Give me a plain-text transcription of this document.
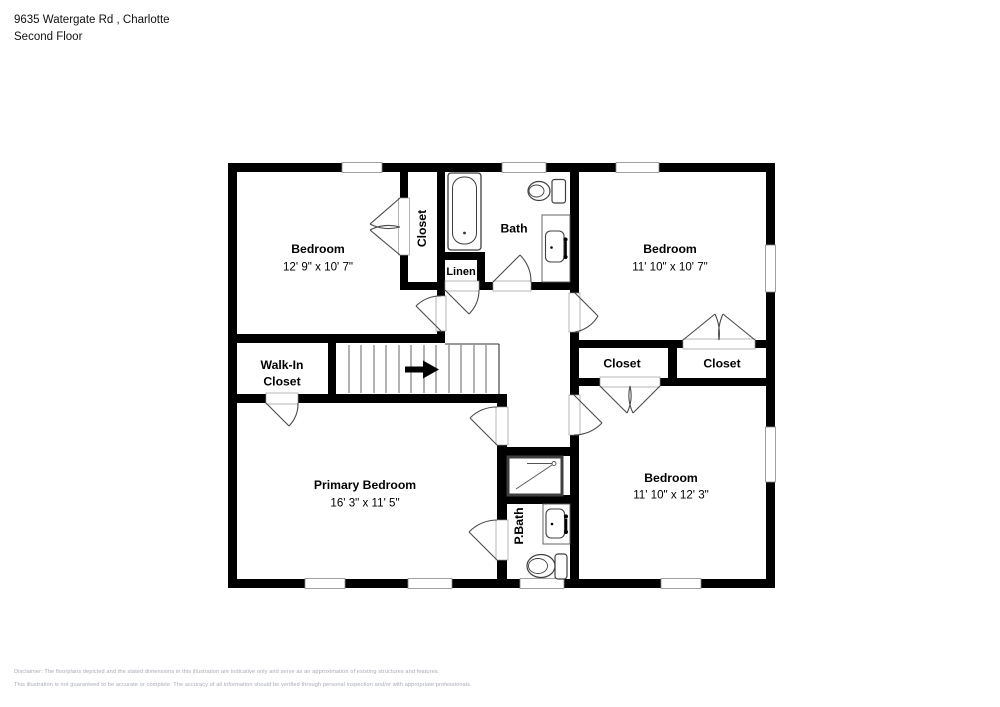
9635 Watergate Rd , Charlotte
Second Floor
Bedroom
12' 9" x 10' 7"
Bedroom
11' 10" x 10' 7"
Primary Bedroom
16' 3" x 11' 5"
Bedroom
11' 10" x 12' 3"
Walk-In
Closet
Closet	Closet
Linen
Bath
Closet
P.Bath
Disclaimer: The floorplans depicted and the stated dimensions in this illustration are indicative only and serve as an approximation of existing structures and features.
This illustration is not guaranteed to be accurate or complete. The accuracy of all information should be verified through personal inspection and/or with appropriate professionals.
